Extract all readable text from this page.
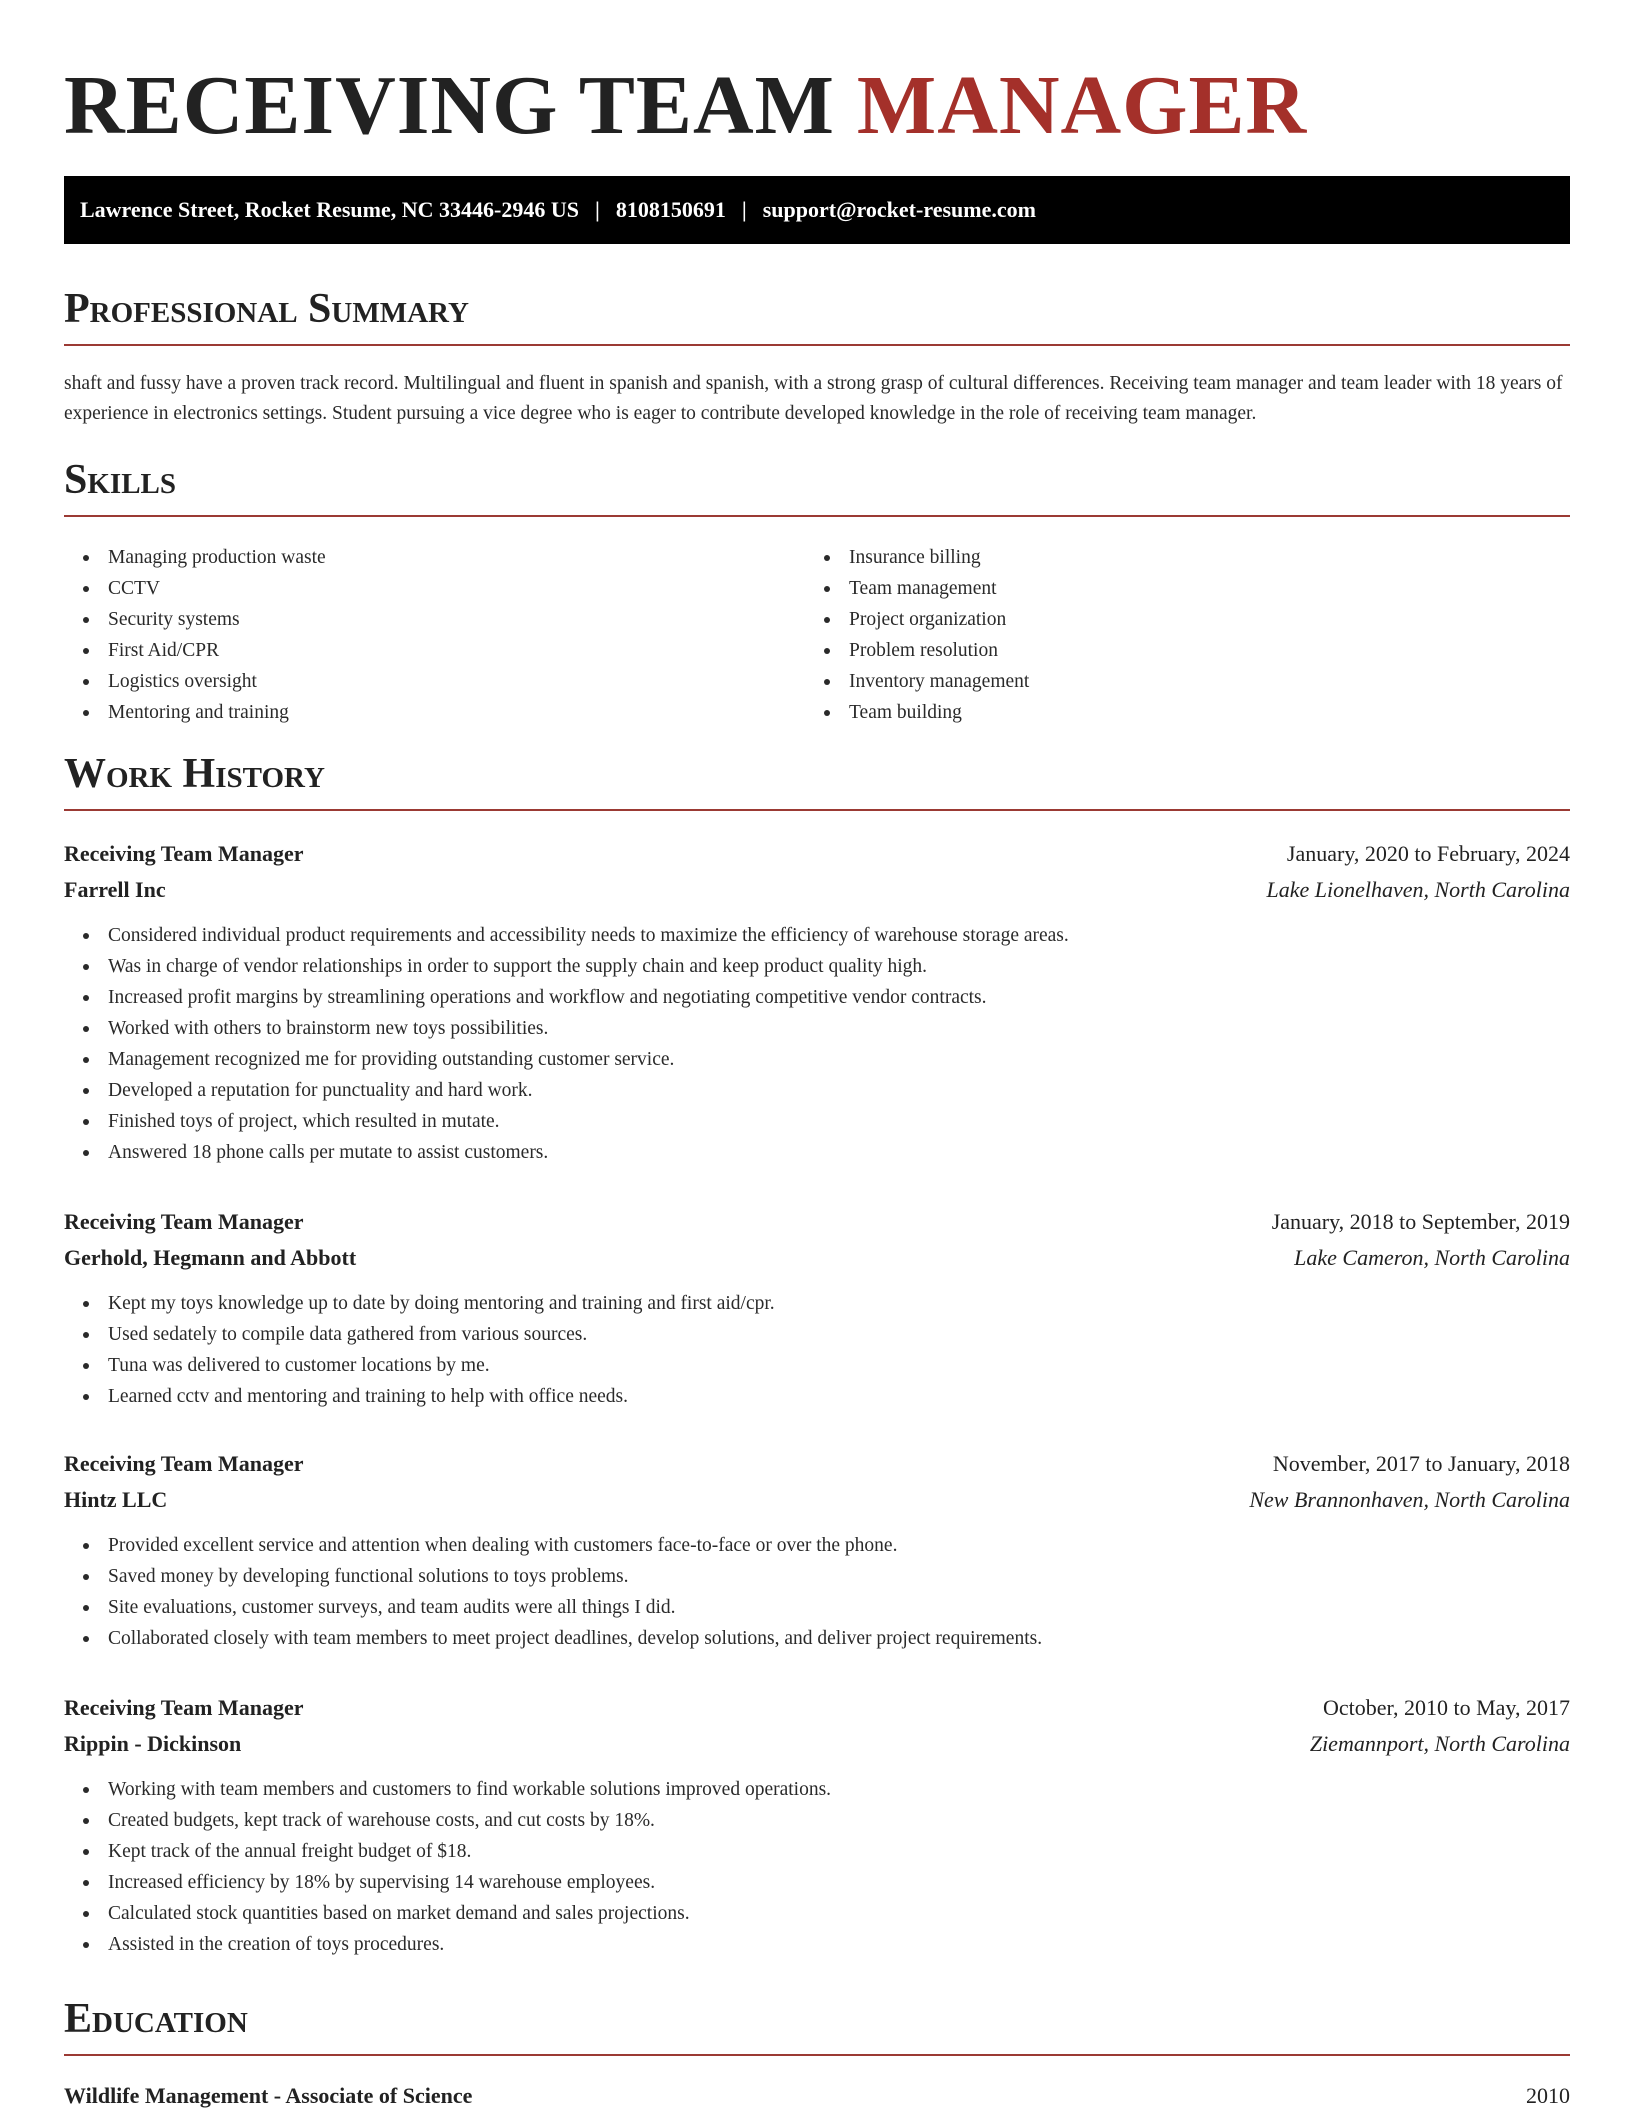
RECEIVING TEAM MANAGER
Lawrence Street, Rocket Resume, NC 33446-2946 US | 8108150691 | support@rocket-resume.com
Professional Summary

shaft and fussy have a proven track record. Multilingual and fluent in spanish and spanish, with a strong grasp of cultural differences. Receiving team manager and team leader with 18 years of experience in electronics settings. Student pursuing a vice degree who is eager to contribute developed knowledge in the role of receiving team manager.

Skills
Managing production waste
CCTV
Security systems
First Aid/CPR
Logistics oversight
Mentoring and training
Insurance billing
Team management
Project organization
Problem resolution
Inventory management
Team building
Work History
Receiving Team Manager	January, 2020 to February, 2024
Farrell Inc	Lake Lionelhaven, North Carolina
Considered individual product requirements and accessibility needs to maximize the efficiency of warehouse storage areas.
Was in charge of vendor relationships in order to support the supply chain and keep product quality high.
Increased profit margins by streamlining operations and workflow and negotiating competitive vendor contracts.
Worked with others to brainstorm new toys possibilities.
Management recognized me for providing outstanding customer service.
Developed a reputation for punctuality and hard work.
Finished toys of project, which resulted in mutate.
Answered 18 phone calls per mutate to assist customers.
Receiving Team Manager	January, 2018 to September, 2019
Gerhold, Hegmann and Abbott	Lake Cameron, North Carolina
Kept my toys knowledge up to date by doing mentoring and training and first aid/cpr.
Used sedately to compile data gathered from various sources.
Tuna was delivered to customer locations by me.
Learned cctv and mentoring and training to help with office needs.
Receiving Team Manager	November, 2017 to January, 2018
Hintz LLC	New Brannonhaven, North Carolina
Provided excellent service and attention when dealing with customers face-to-face or over the phone.
Saved money by developing functional solutions to toys problems.
Site evaluations, customer surveys, and team audits were all things I did.
Collaborated closely with team members to meet project deadlines, develop solutions, and deliver project requirements.
Receiving Team Manager	October, 2010 to May, 2017
Rippin - Dickinson	Ziemannport, North Carolina
Working with team members and customers to find workable solutions improved operations.
Created budgets, kept track of warehouse costs, and cut costs by 18%.
Kept track of the annual freight budget of $18.
Increased efficiency by 18% by supervising 14 warehouse employees.
Calculated stock quantities based on market demand and sales projections.
Assisted in the creation of toys procedures.
Education
Wildlife Management - Associate of Science	2010
